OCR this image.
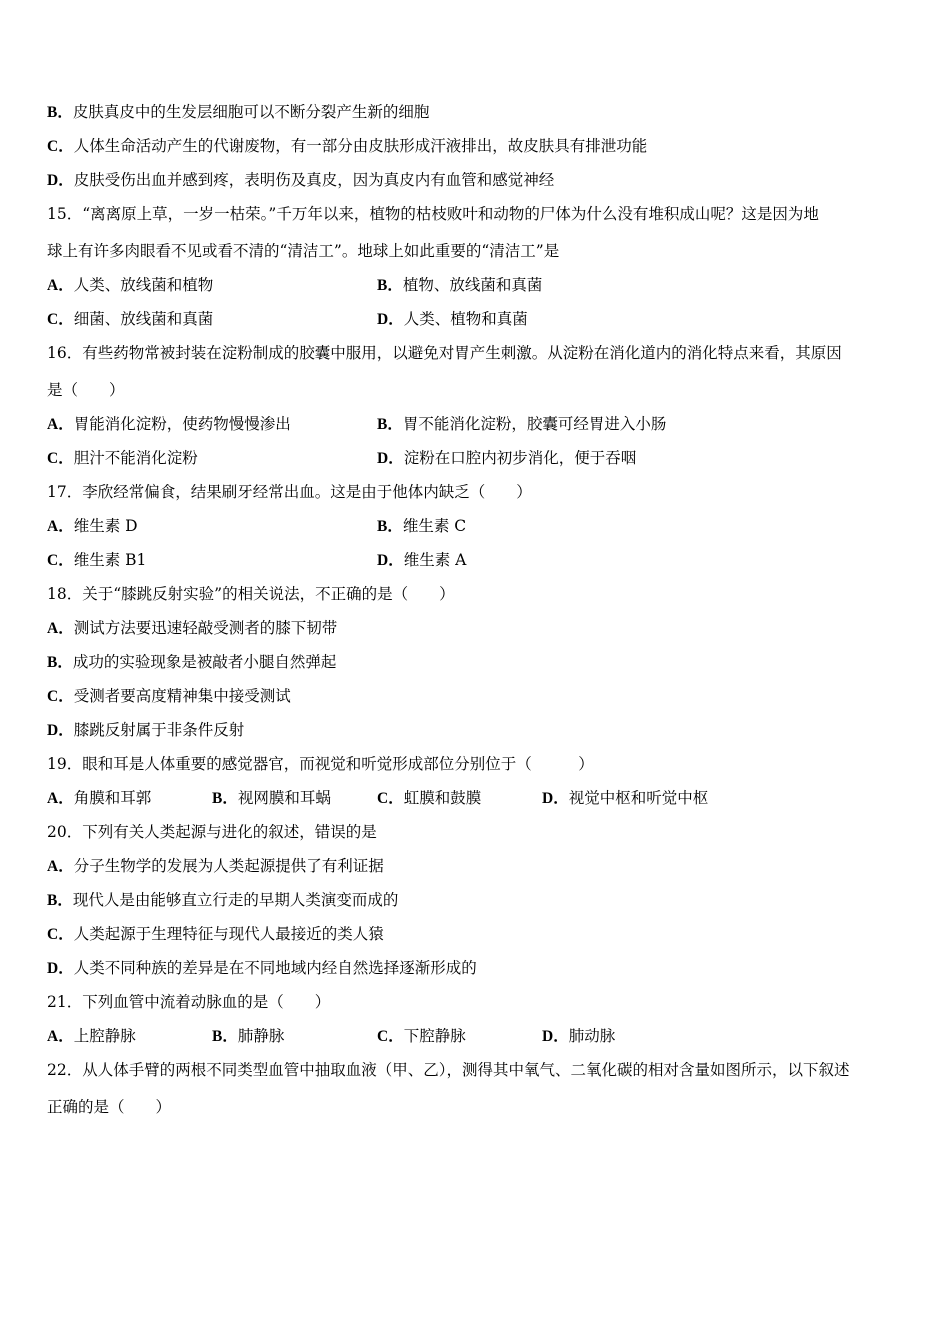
B．皮肤真皮中的生发层细胞可以不断分裂产生新的细胞
C．人体生命活动产生的代谢废物，有一部分由皮肤形成汗液排出，故皮肤具有排泄功能
D．皮肤受伤出血并感到疼，表明伤及真皮，因为真皮内有血管和感觉神经
15．“离离原上草，一岁一枯荣。”千万年以来，植物的枯枝败叶和动物的尸体为什么没有堆积成山呢？这是因为地
球上有许多肉眼看不见或看不清的“清洁工”。地球上如此重要的“清洁工”是
A．人类、放线菌和植物	B．植物、放线菌和真菌
C．细菌、放线菌和真菌	D．人类、植物和真菌
16．有些药物常被封装在淀粉制成的胶囊中服用，以避免对胃产生刺激。从淀粉在消化道内的消化特点来看，其原因
是（　　）
A．胃能消化淀粉，使药物慢慢渗出	B．胃不能消化淀粉，胶囊可经胃进入小肠
C．胆汁不能消化淀粉	D．淀粉在口腔内初步消化，便于吞咽
17．李欣经常偏食，结果刷牙经常出血。这是由于他体内缺乏（　　）
A．维生素 D	B．维生素 C
C．维生素 B1	D．维生素 A
18．关于“膝跳反射实验”的相关说法，不正确的是（　　）
A．测试方法要迅速轻敲受测者的膝下韧带
B．成功的实验现象是被敲者小腿自然弹起
C．受测者要高度精神集中接受测试
D．膝跳反射属于非条件反射
19．眼和耳是人体重要的感觉器官，而视觉和听觉形成部位分别位于（　　　）
A．角膜和耳郭	B．视网膜和耳蜗	C．虹膜和鼓膜	D．视觉中枢和听觉中枢
20．下列有关人类起源与进化的叙述，错误的是
A．分子生物学的发展为人类起源提供了有利证据
B．现代人是由能够直立行走的早期人类演变而成的
C．人类起源于生理特征与现代人最接近的类人猿
D．人类不同种族的差异是在不同地域内经自然选择逐渐形成的
21．下列血管中流着动脉血的是（　　）
A．上腔静脉	B．肺静脉	C．下腔静脉	D．肺动脉
22．从人体手臂的两根不同类型血管中抽取血液（甲、乙），测得其中氧气、二氧化碳的相对含量如图所示，以下叙述
正确的是（　　）
